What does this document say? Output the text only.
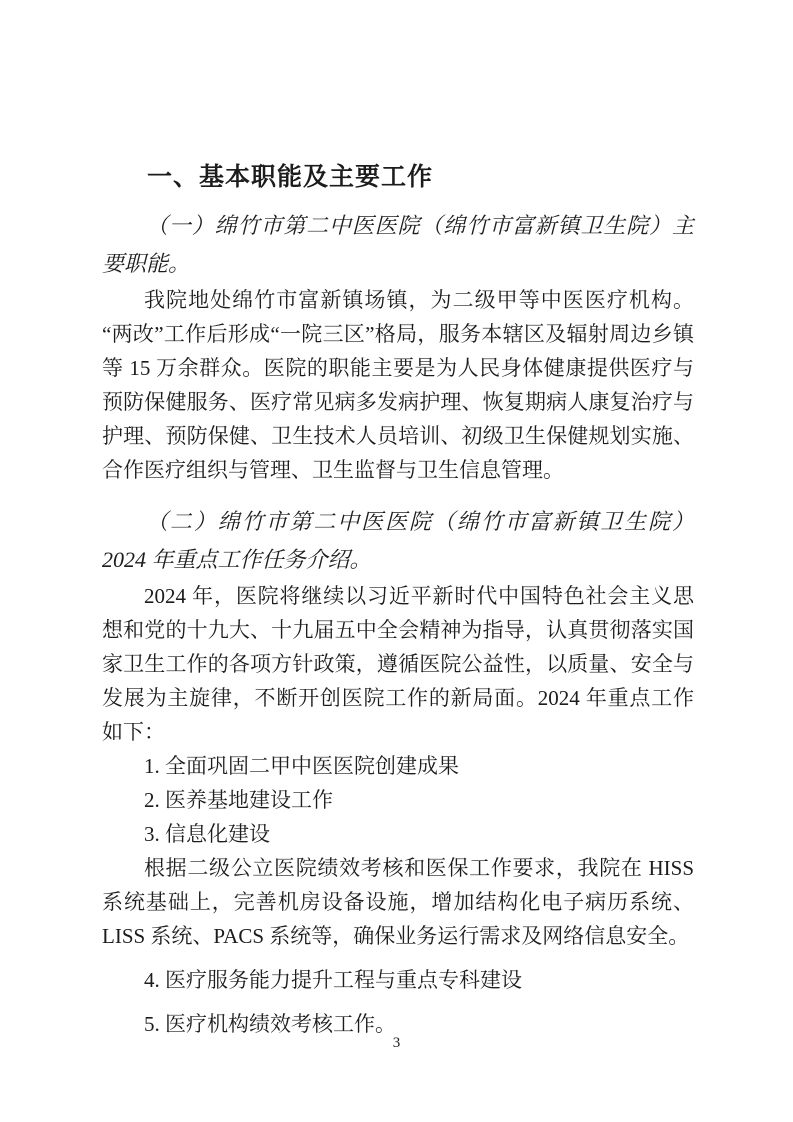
一、基本职能及主要工作

（一）绵竹市第二中医医院（绵竹市富新镇卫生院）主要职能。

我院地处绵竹市富新镇场镇，为二级甲等中医医疗机构。“两改”工作后形成“一院三区”格局，服务本辖区及辐射周边乡镇等 15 万余群众。医院的职能主要是为人民身体健康提供医疗与预防保健服务、医疗常见病多发病护理、恢复期病人康复治疗与护理、预防保健、卫生技术人员培训、初级卫生保健规划实施、合作医疗组织与管理、卫生监督与卫生信息管理。

（二）绵竹市第二中医医院（绵竹市富新镇卫生院）2024 年重点工作任务介绍。

2024 年，医院将继续以习近平新时代中国特色社会主义思想和党的十九大、十九届五中全会精神为指导，认真贯彻落实国家卫生工作的各项方针政策，遵循医院公益性，以质量、安全与发展为主旋律，不断开创医院工作的新局面。2024 年重点工作如下：

1. 全面巩固二甲中医医院创建成果
2. 医养基地建设工作
3. 信息化建设

根据二级公立医院绩效考核和医保工作要求，我院在 HISS 系统基础上，完善机房设备设施，增加结构化电子病历系统、LISS 系统、PACS 系统等，确保业务运行需求及网络信息安全。

4. 医疗服务能力提升工程与重点专科建设
5. 医疗机构绩效考核工作。
3
